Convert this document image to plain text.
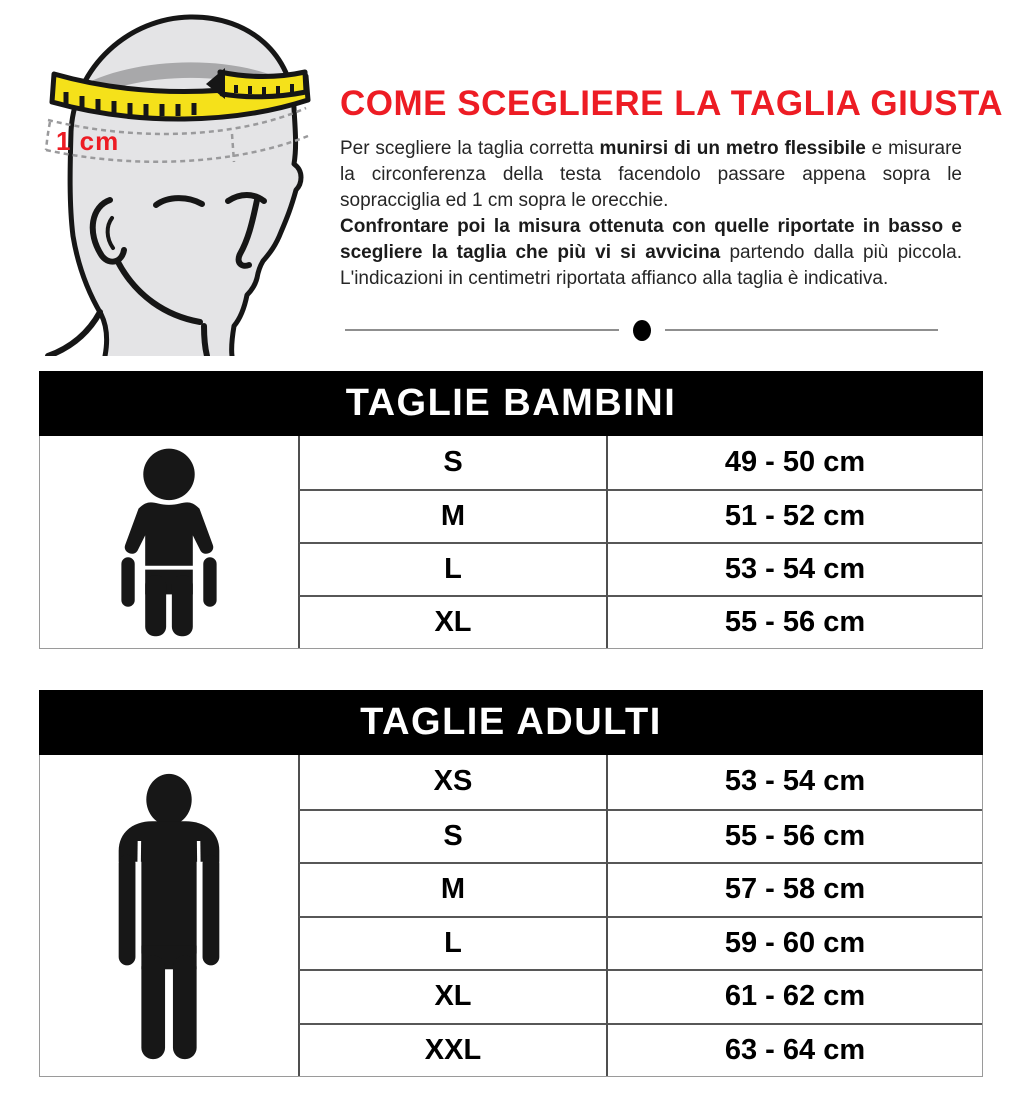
1 cm
COME SCEGLIERE LA TAGLIA GIUSTA

Per scegliere la taglia corretta munirsi di un metro flessibile e misurare la circonferenza della testa facendolo passare appena sopra le sopracciglia ed 1 cm sopra le orecchie.
Confrontare poi la misura ottenuta con quelle riportate in basso e scegliere la taglia che più vi si avvicina partendo dalla più piccola. L'indicazioni in centimetri riportata affianco alla taglia è indicativa.

TAGLIE BAMBINI
S	49 - 50 cm
M	51 - 52 cm
L	53 - 54 cm
XL	55 - 56 cm
TAGLIE ADULTI
XS	53 - 54 cm
S	55 - 56 cm
M	57 - 58 cm
L	59 - 60 cm
XL	61 - 62 cm
XXL	63 - 64 cm
